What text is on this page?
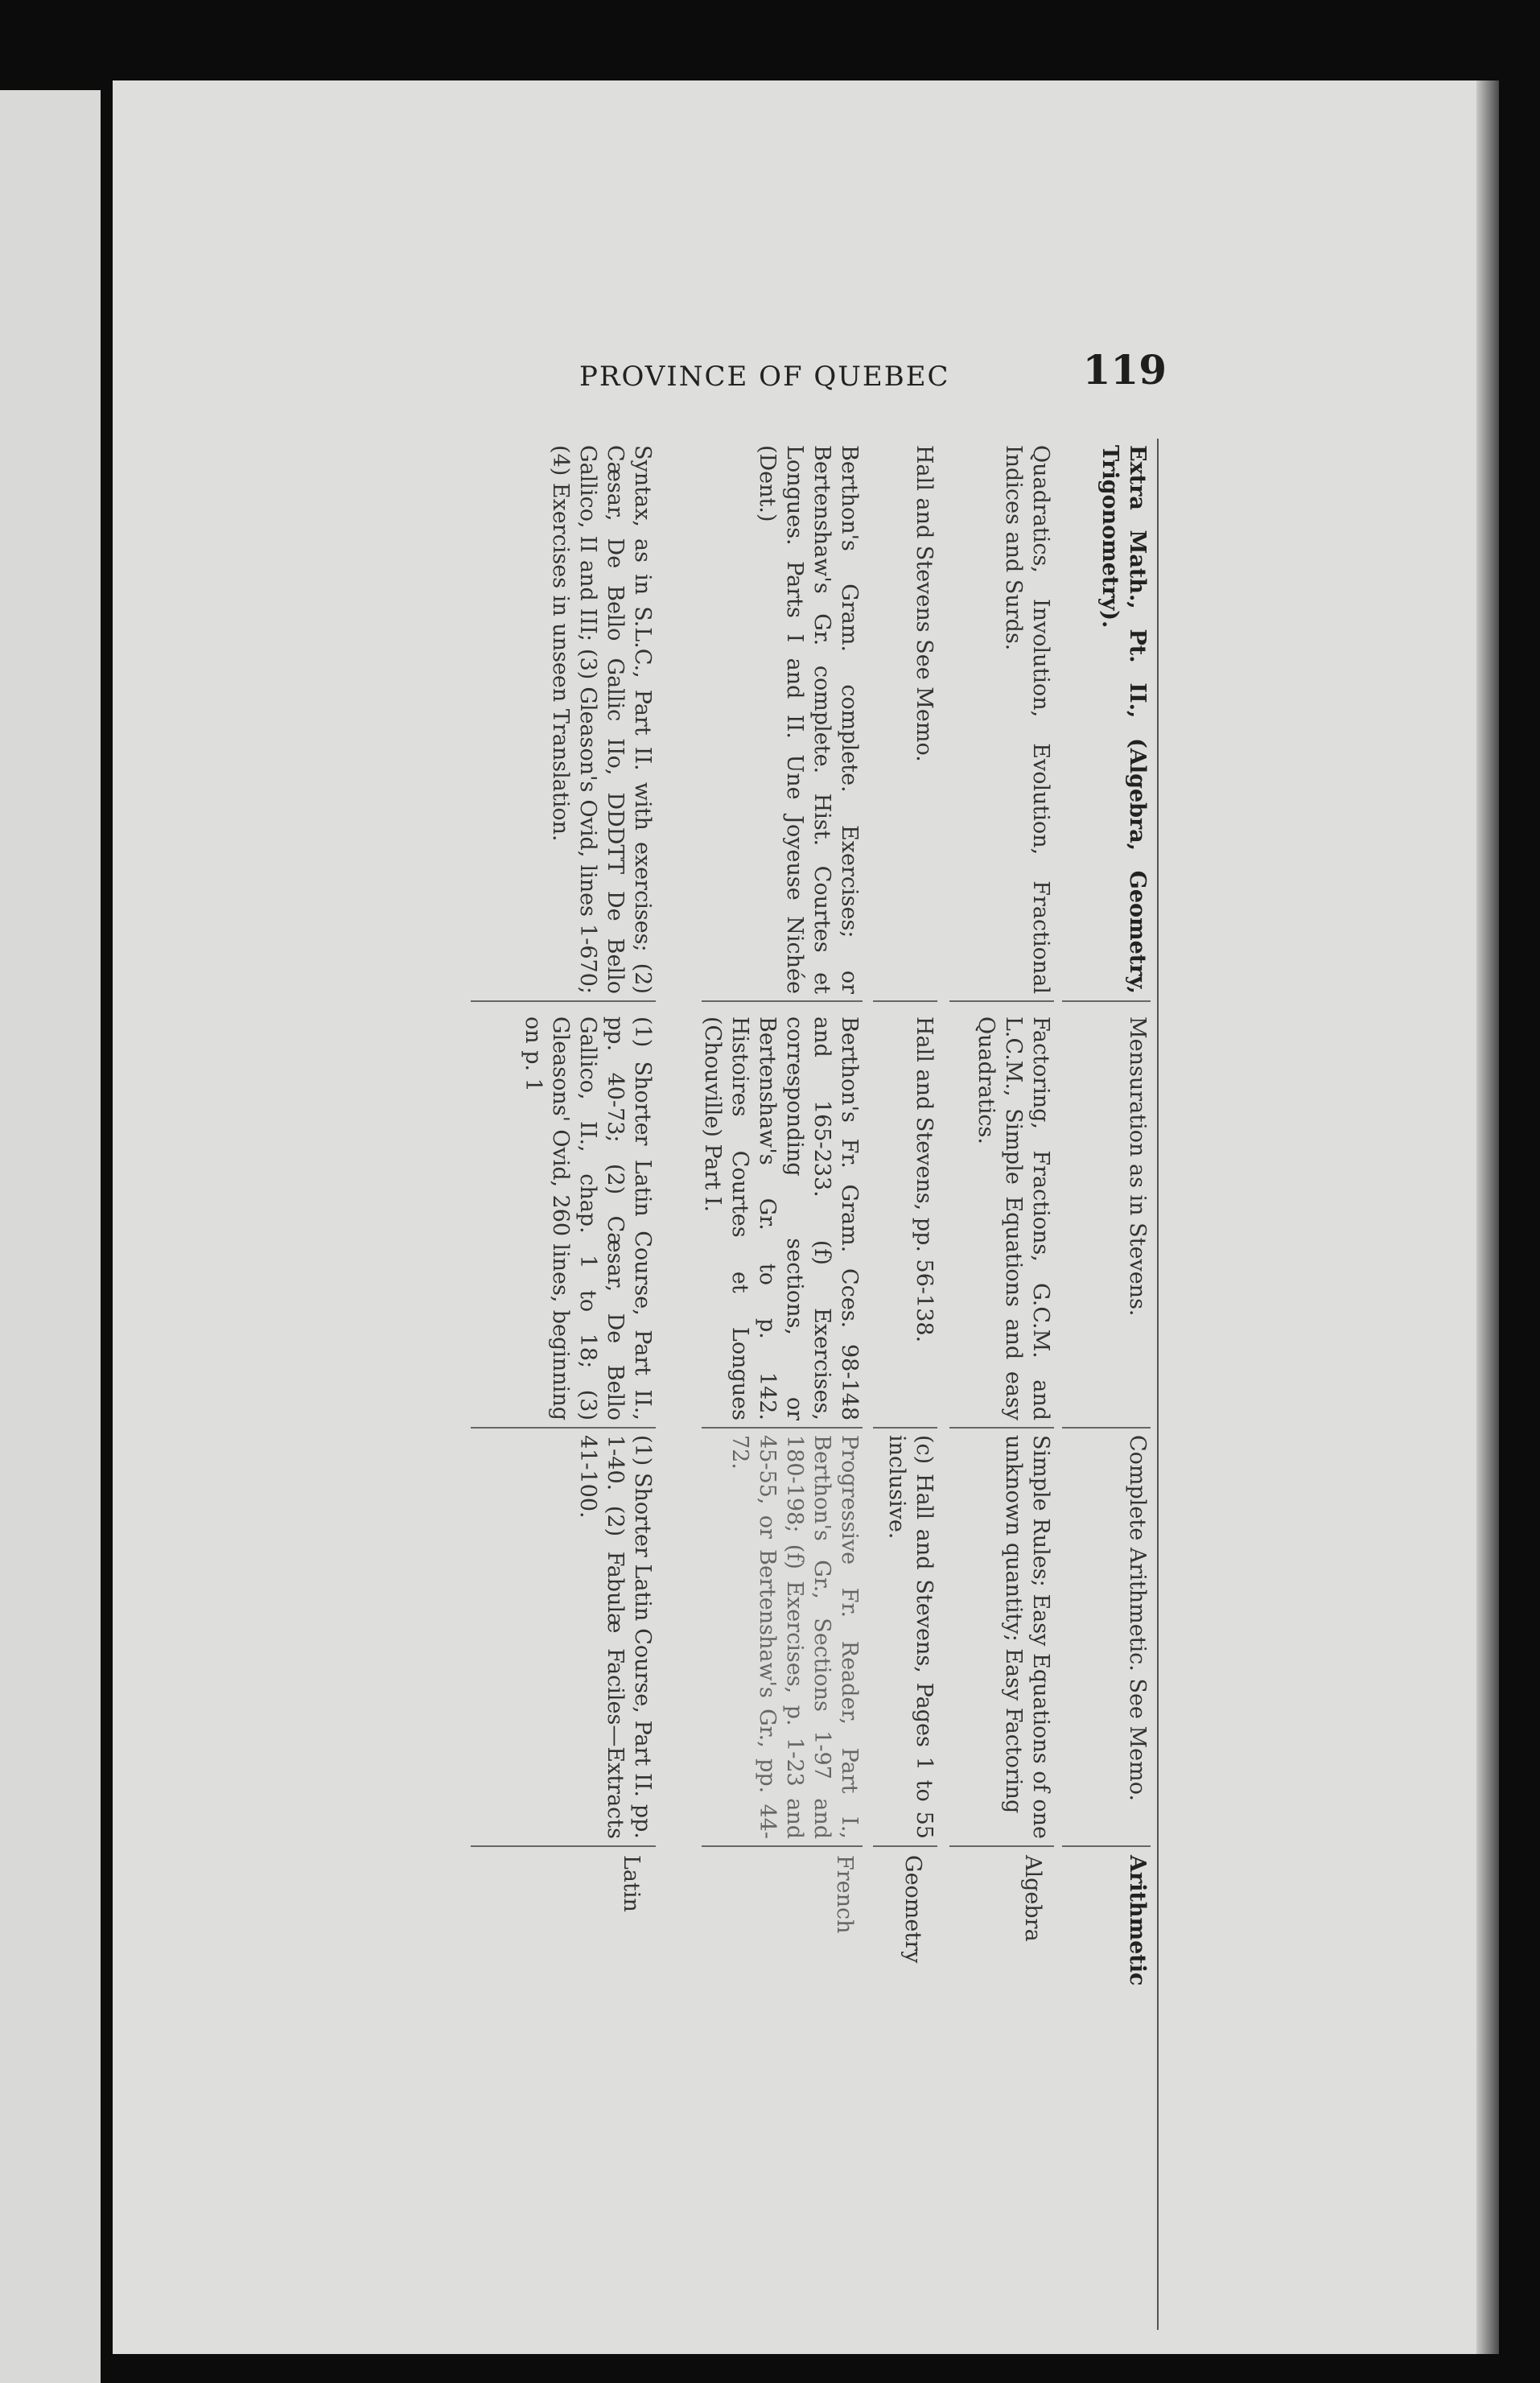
PROVINCE OF QUEBEC	119
Arithmetic
Complete Arithmetic. See Memo.
Mensuration as in Stevens.
Extra Math., Pt. II., (Algebra, Geometry, Trigonometry).
Algebra
Simple Rules; Easy Equations of one unknown quantity; Easy Factoring
Factoring, Fractions, G.C.M. and L.C.M., Simple Equations and easy Quadratics.
Quadratics, Involution, Evolution, Fractional Indices and Surds.
Geometry
(c) Hall and Stevens, Pages 1 to 55 inclusive.
Hall and Stevens, pp. 56-138.
Hall and Stevens See Memo.
French
Progressive Fr. Reader, Part I., Berthon's Gr., Sections 1-97 and 180-198; (f) Exercises, p. 1-23 and 45-55, or Bertenshaw's Gr., pp. 44-72.
Berthon's Fr. Gram. Cces. 98-148 and 165-233. (f) Exercises, corresponding sections, or Bertenshaw's Gr. to p. 142. Histoires Courtes et Longues (Chouville) Part I.
Berthon's Gram. complete. Exercises; or Bertenshaw's Gr. complete. Hist. Courtes et Longues. Parts I and II. Une Joyeuse Nichée (Dent.)
Latin
(1) Shorter Latin Course, Part II. pp. 1-40. (2) Fabulæ Faciles—Extracts 41-100.
(1) Shorter Latin Course, Part II., pp. 40-73; (2) Cæsar, De Bello Gallico, II., chap. 1 to 18; (3) Gleasons' Ovid, 260 lines, beginning on p. 1
Syntax, as in S.L.C., Part II. with exercises; (2) Cæsar, De Bello Gallic IIo, DDDTT De Bello Gallico, II and III; (3) Gleason's Ovid, lines 1-670; (4) Exercises in unseen Translation.
